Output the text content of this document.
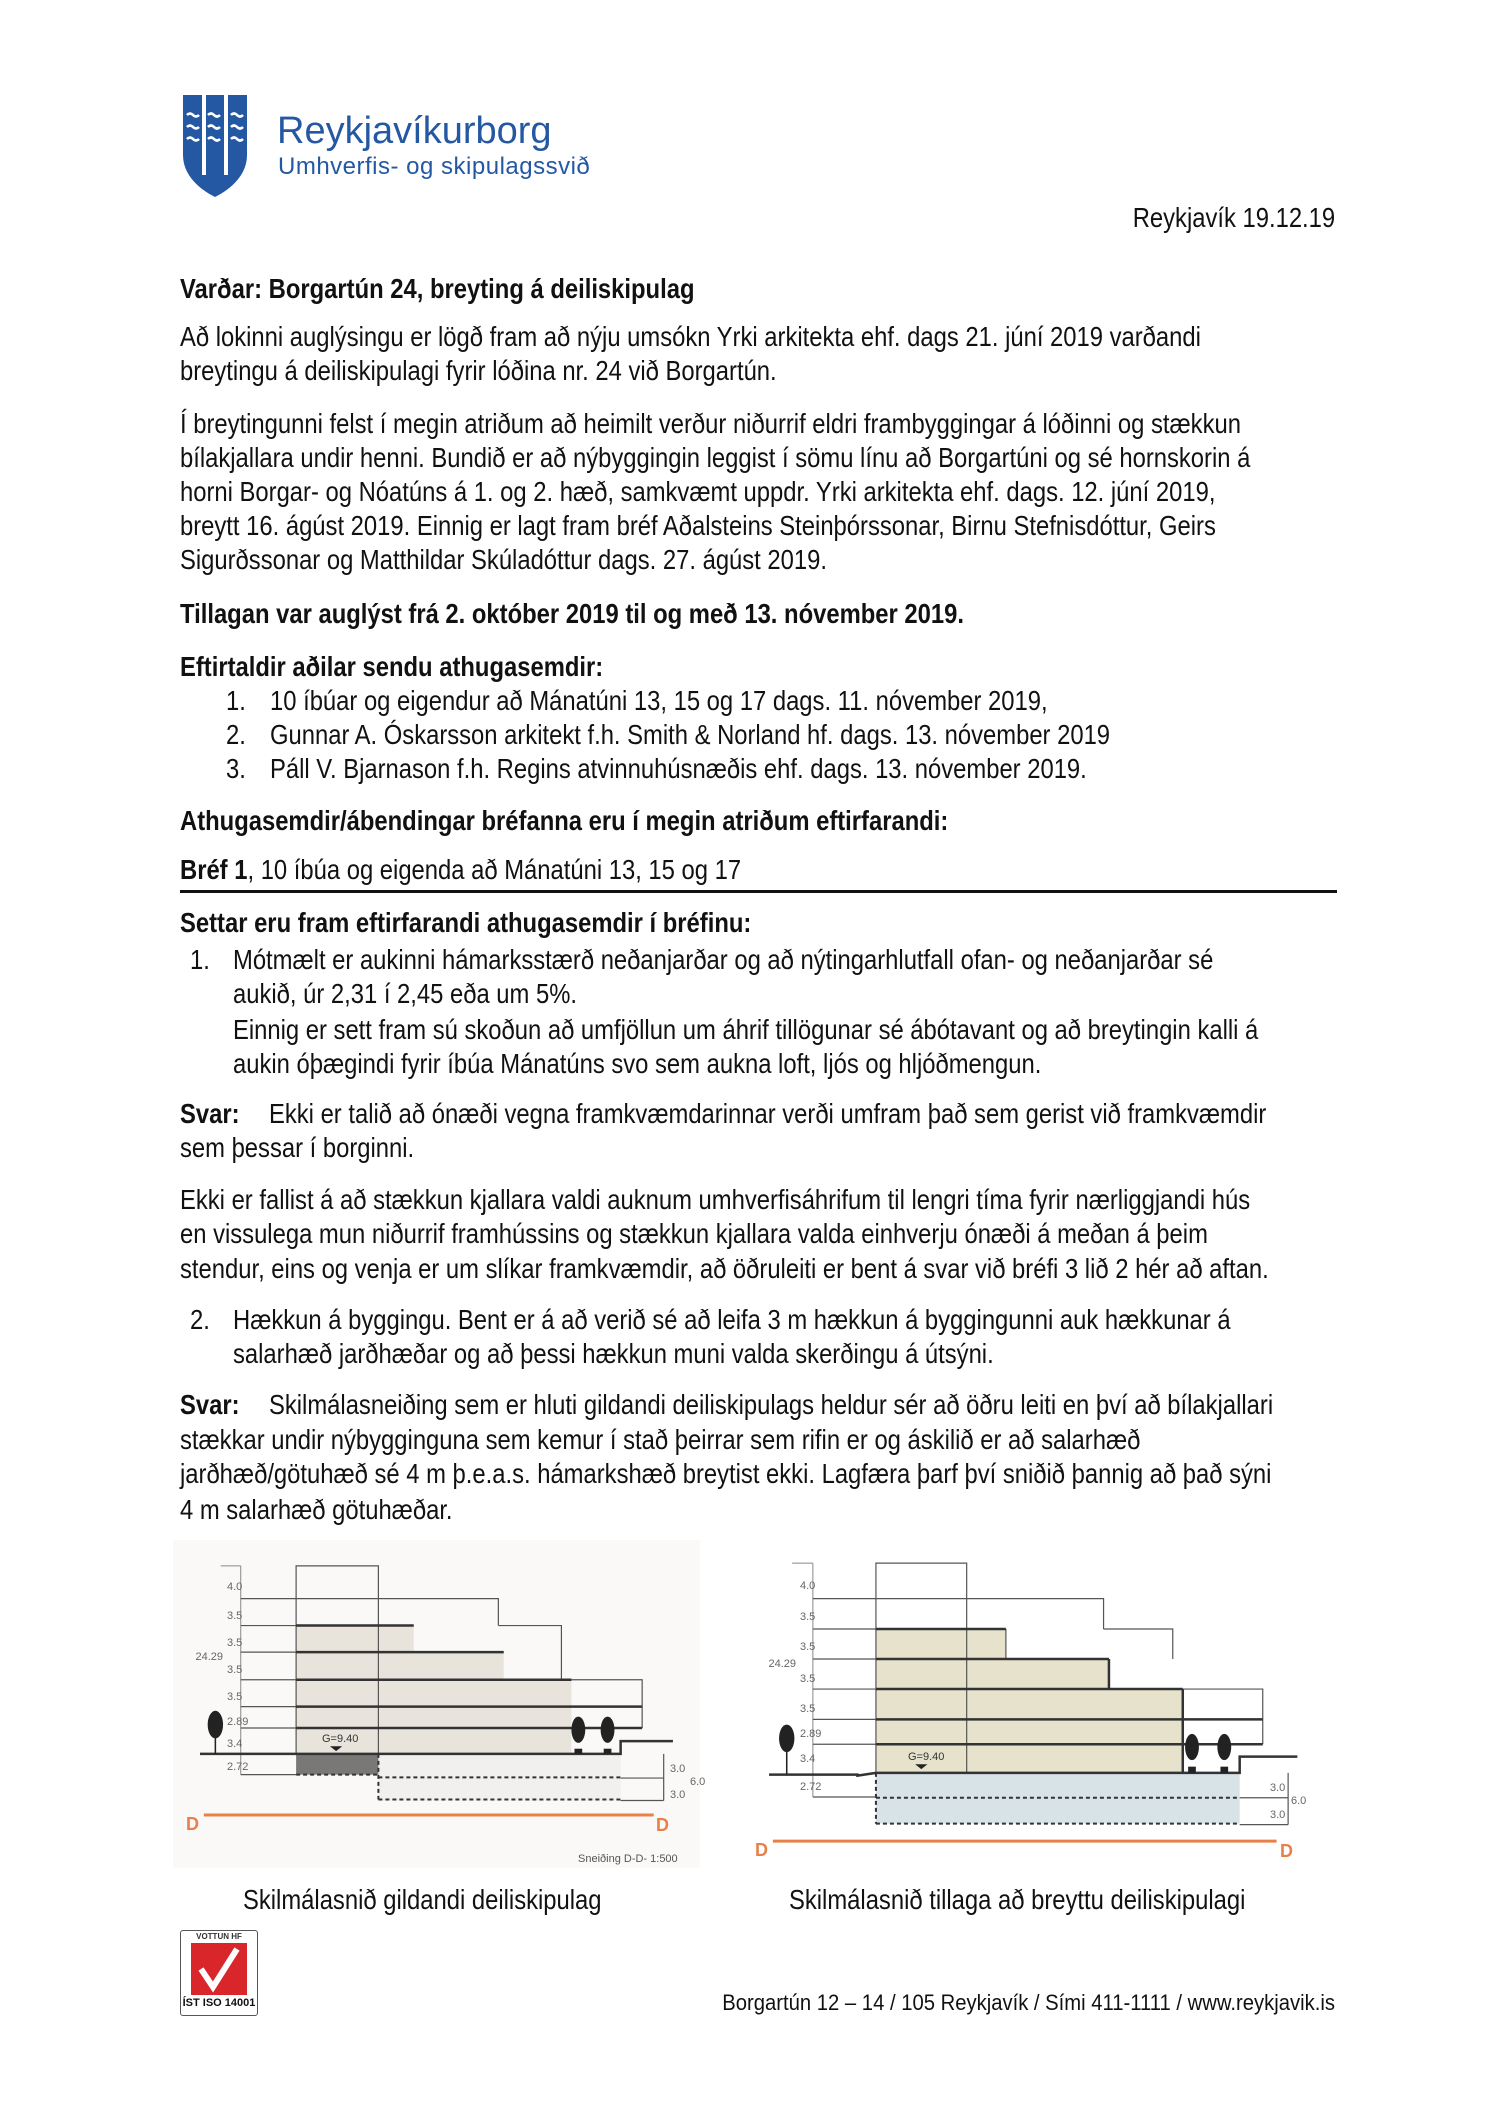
Reykjavíkurborg
Umhverfis- og skipulagssvið
Reykjavík 19.12.19
Varðar: Borgartún 24, breyting á deiliskipulag
Að lokinni auglýsingu er lögð fram að nýju umsókn Yrki arkitekta ehf. dags 21. júní 2019 varðandi
breytingu á deiliskipulagi fyrir lóðina nr. 24 við Borgartún.
Í breytingunni felst í megin atriðum að heimilt verður niðurrif eldri frambyggingar á lóðinni og stækkun
bílakjallara undir henni. Bundið er að nýbyggingin leggist í sömu línu að Borgartúni og sé hornskorin á
horni Borgar- og Nóatúns á 1. og 2. hæð, samkvæmt uppdr. Yrki arkitekta ehf. dags. 12. júní 2019,
breytt 16. ágúst 2019. Einnig er lagt fram bréf Aðalsteins Steinþórssonar, Birnu Stefnisdóttur, Geirs
Sigurðssonar og Matthildar Skúladóttur dags. 27. ágúst 2019.
Tillagan var auglýst frá 2. október 2019 til og með 13. nóvember 2019.
Eftirtaldir aðilar sendu athugasemdir:
1. 10 íbúar og eigendur að Mánatúni 13, 15 og 17 dags. 11. nóvember 2019,
2. Gunnar A. Óskarsson arkitekt f.h. Smith & Norland hf. dags. 13. nóvember 2019
3. Páll V. Bjarnason f.h. Regins atvinnuhúsnæðis ehf. dags. 13. nóvember 2019.
Athugasemdir/ábendingar bréfanna eru í megin atriðum eftirfarandi:
Bréf 1, 10 íbúa og eigenda að Mánatúni 13, 15 og 17
Settar eru fram eftirfarandi athugasemdir í bréfinu:
1. Mótmælt er aukinni hámarksstærð neðanjarðar og að nýtingarhlutfall ofan- og neðanjarðar sé
aukið, úr 2,31 í 2,45 eða um 5%.
Einnig er sett fram sú skoðun að umfjöllun um áhrif tillögunar sé ábótavant og að breytingin kalli á
aukin óþægindi fyrir íbúa Mánatúns svo sem aukna loft, ljós og hljóðmengun.
Svar: Ekki er talið að ónæði vegna framkvæmdarinnar verði umfram það sem gerist við framkvæmdir
sem þessar í borginni.
Ekki er fallist á að stækkun kjallara valdi auknum umhverfisáhrifum til lengri tíma fyrir nærliggjandi hús
en vissulega mun niðurrif framhússins og stækkun kjallara valda einhverju ónæði á meðan á þeim
stendur, eins og venja er um slíkar framkvæmdir, að öðruleiti er bent á svar við bréfi 3 lið 2 hér að aftan.
2. Hækkun á byggingu. Bent er á að verið sé að leifa 3 m hækkun á byggingunni auk hækkunar á
salarhæð jarðhæðar og að þessi hækkun muni valda skerðingu á útsýni.
Svar: Skilmálasneiðing sem er hluti gildandi deiliskipulags heldur sér að öðru leiti en því að bílakjallari
stækkar undir nýbygginguna sem kemur í stað þeirrar sem rifin er og áskilið er að salarhæð
jarðhæð/götuhæð sé 4 m þ.e.a.s. hámarkshæð breytist ekki. Lagfæra þarf því sniðið þannig að það sýni
4 m salarhæð götuhæðar.
4.0
3.5
3.5
3.5
3.5
2.89
3.4
2.72
24.29
3.0
6.0
3.0
G=9.40
Sneiðing D-D- 1:500
4.0
3.5
3.5
3.5
3.5
2.89
3.4
2.72
24.29
3.0
6.0
3.0
G=9.40
D	D
D	D
Skilmálasnið gildandi deiliskipulag	Skilmálasnið tillaga að breyttu deiliskipulagi
VOTTUN HF
ÍST ISO 14001	Borgartún 12 – 14 / 105 Reykjavík / Sími 411-1111 / www.reykjavik.is
